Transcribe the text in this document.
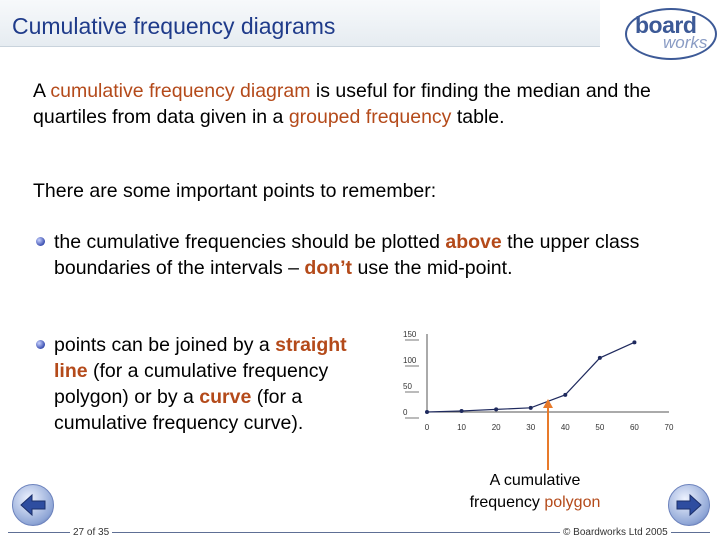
Cumulative frequency diagrams	board
works
A cumulative frequency diagram is useful for finding the median and the quartiles from data given in a grouped frequency table.
There are some important points to remember:
the cumulative frequencies should be plotted above the upper class boundaries of the intervals – don’t use the mid-point.
points can be joined by a straight line (for a cumulative frequency polygon) or by a curve (for a cumulative frequency curve).	0	10	20	30	40	50	60	70
0
50
100
150
A cumulative
frequency polygon
27 of 35	© Boardworks Ltd 2005
